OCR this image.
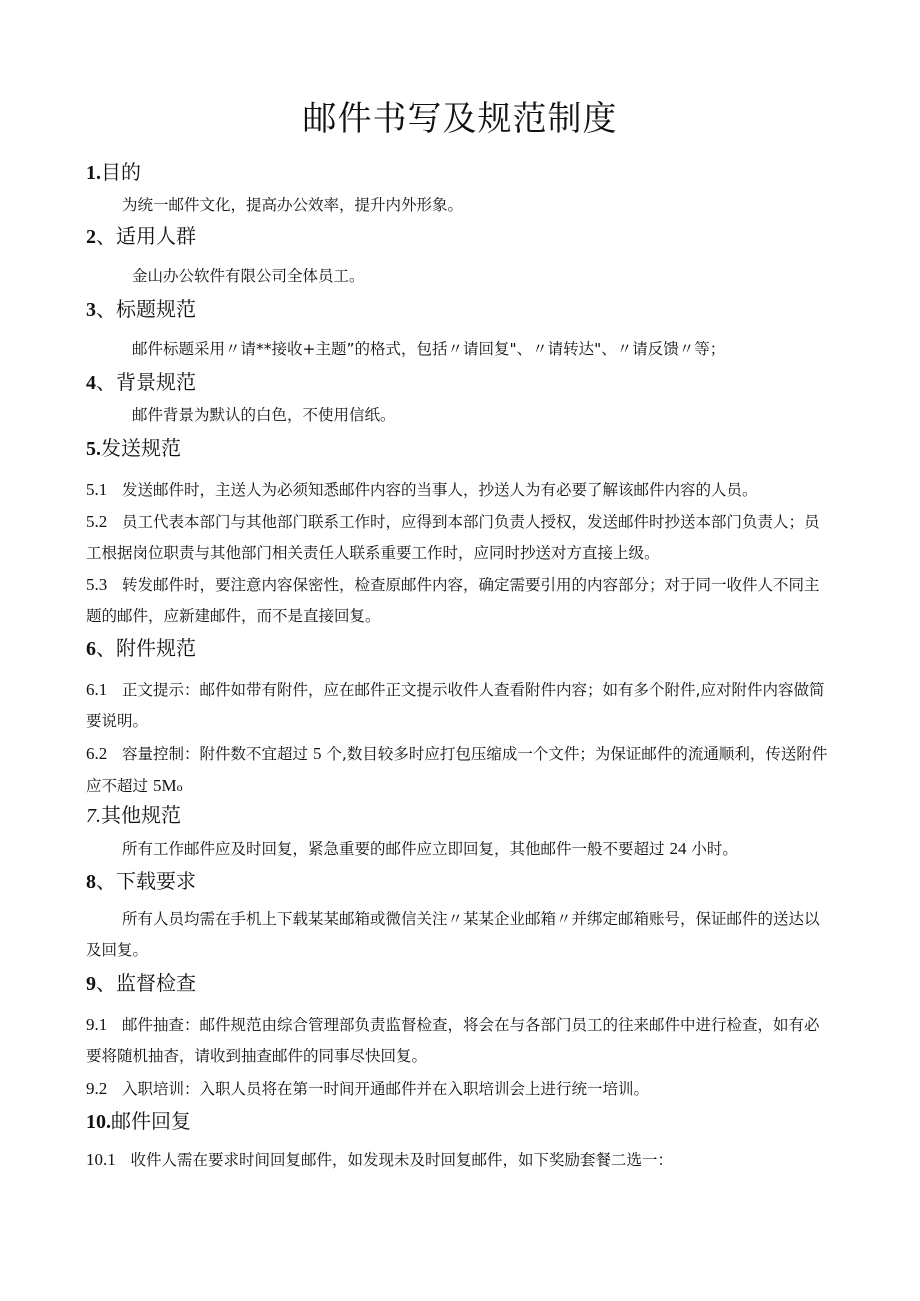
邮件书写及规范制度
1.目的

为统一邮件文化，提高办公效率，提升内外形象。

2、适用人群

金山办公软件有限公司全体员工。

3、标题规范

邮件标题采用〃请**接收+主题”的格式，包括〃请回复"、〃请转达"、〃请反馈〃等；

4、背景规范

邮件背景为默认的白色，不使用信纸。

5.发送规范

5.1 发送邮件时，主送人为必须知悉邮件内容的当事人，抄送人为有必要了解该邮件内容的人员。

5.2 员工代表本部门与其他部门联系工作时，应得到本部门负责人授权，发送邮件时抄送本部门负责人；员工根据岗位职责与其他部门相关责任人联系重要工作时，应同时抄送对方直接上级。

5.3 转发邮件时，要注意内容保密性，检查原邮件内容，确定需要引用的内容部分；对于同一收件人不同主题的邮件，应新建邮件，而不是直接回复。

6、附件规范

6.1 正文提示：邮件如带有附件，应在邮件正文提示收件人查看附件内容；如有多个附件,应对附件内容做简要说明。

6.2 容量控制：附件数不宜超过 5 个,数目较多时应打包压缩成一个文件；为保证邮件的流通顺利，传送附件应不超过 5Mo

7.其他规范

所有工作邮件应及时回复，紧急重要的邮件应立即回复，其他邮件一般不要超过 24 小时。

8、下载要求

所有人员均需在手机上下载某某邮箱或微信关注〃某某企业邮箱〃并绑定邮箱账号，保证邮件的送达以及回复。

9、监督检查

9.1 邮件抽查：邮件规范由综合管理部负责监督检查，将会在与各部门员工的往来邮件中进行检查，如有必要将随机抽杳，请收到抽查邮件的同事尽快回复。

9.2 入职培训：入职人员将在第一时间开通邮件并在入职培训会上进行统一培训。

10.邮件回复

10.1 收件人需在要求时间回复邮件，如发现未及时回复邮件，如下奖励套餐二选一：
